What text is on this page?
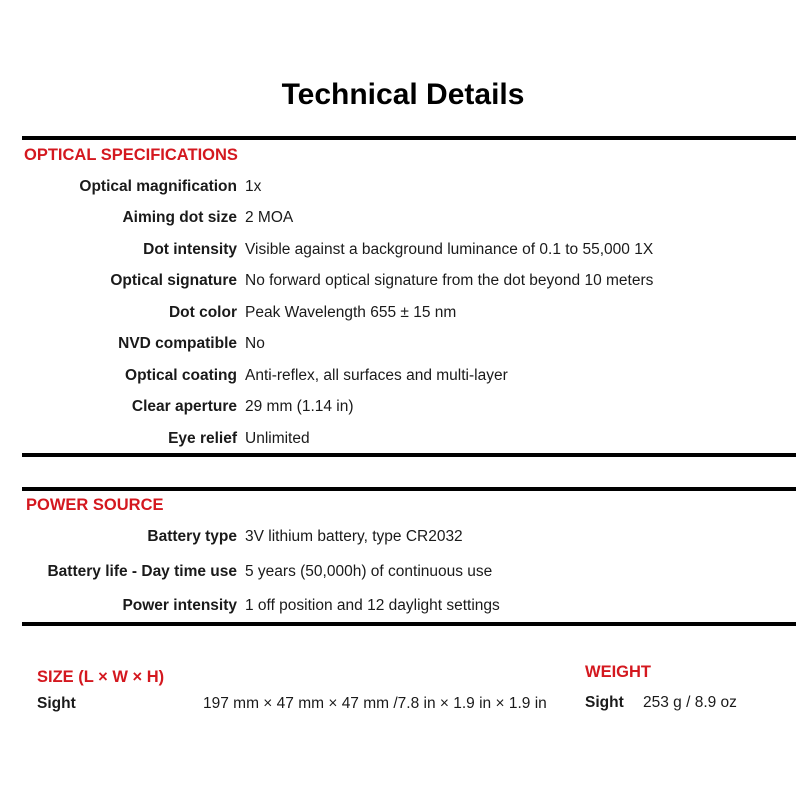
Technical Details
OPTICAL SPECIFICATIONS
Optical magnification 1x
Aiming dot size 2 MOA
Dot intensity Visible against a background luminance of 0.1 to 55,000 1X
Optical signature No forward optical signature from the dot beyond 10 meters
Dot color Peak Wavelength 655 ± 15 nm
NVD compatible No
Optical coating Anti-reflex, all surfaces and multi-layer
Clear aperture 29 mm (1.14 in)
Eye relief Unlimited
POWER SOURCE
Battery type 3V lithium battery, type CR2032
Battery life - Day time use 5 years (50,000h) of continuous use
Power intensity 1 off position and 12 daylight settings
SIZE (L × W × H)
Sight	197 mm × 47 mm × 47 mm /7.8 in × 1.9 in × 1.9 in
WEIGHT
Sight 253 g / 8.9 oz
